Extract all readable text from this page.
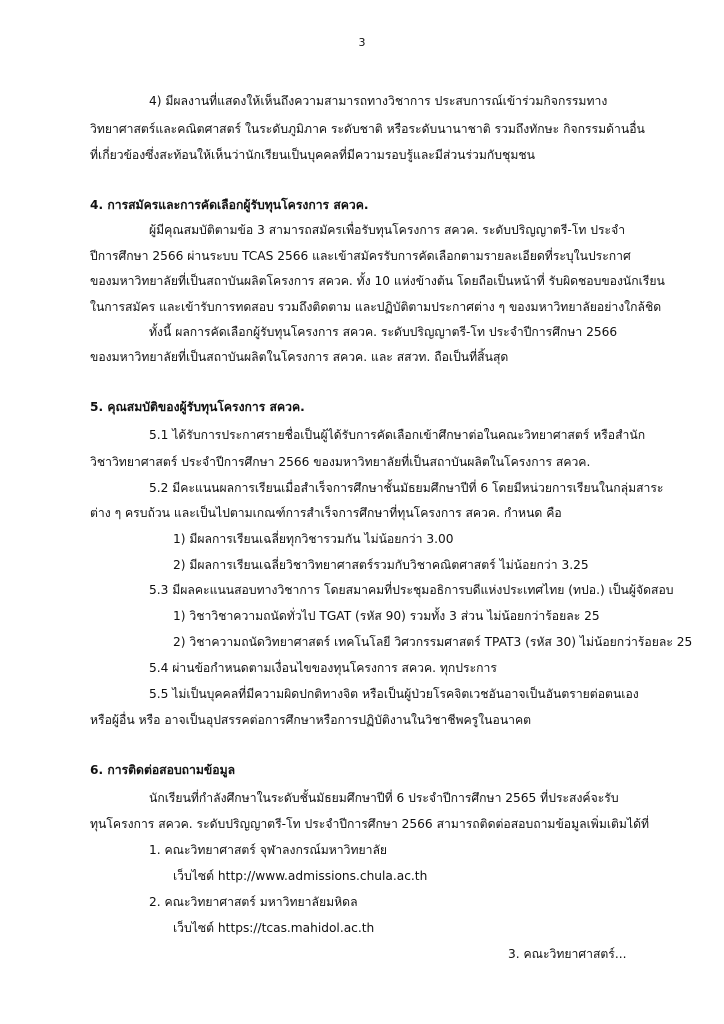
3
4) มีผลงานที่แสดงให้เห็นถึงความสามารถทางวิชาการ ประสบการณ์เข้าร่วมกิจกรรมทาง
วิทยาศาสตร์และคณิตศาสตร์ ในระดับภูมิภาค ระดับชาติ หรือระดับนานาชาติ รวมถึงทักษะ กิจกรรมด้านอื่น
ที่เกี่ยวข้องซึ่งสะท้อนให้เห็นว่านักเรียนเป็นบุคคลที่มีความรอบรู้และมีส่วนร่วมกับชุมชน
4. การสมัครและการคัดเลือกผู้รับทุนโครงการ สควค.
ผู้มีคุณสมบัติตามข้อ 3 สามารถสมัครเพื่อรับทุนโครงการ สควค. ระดับปริญญาตรี-โท ประจำ
ปีการศึกษา 2566 ผ่านระบบ TCAS 2566 และเข้าสมัครรับการคัดเลือกตามรายละเอียดที่ระบุในประกาศ
ของมหาวิทยาลัยที่เป็นสถาบันผลิตโครงการ สควค. ทั้ง 10 แห่งข้างต้น โดยถือเป็นหน้าที่ รับผิดชอบของนักเรียน
ในการสมัคร และเข้ารับการทดสอบ รวมถึงติดตาม และปฏิบัติตามประกาศต่าง ๆ ของมหาวิทยาลัยอย่างใกล้ชิด
ทั้งนี้ ผลการคัดเลือกผู้รับทุนโครงการ สควค. ระดับปริญญาตรี-โท ประจำปีการศึกษา 2566
ของมหาวิทยาลัยที่เป็นสถาบันผลิตในโครงการ สควค. และ สสวท. ถือเป็นที่สิ้นสุด
5. คุณสมบัติของผู้รับทุนโครงการ สควค.
5.1 ได้รับการประกาศรายชื่อเป็นผู้ได้รับการคัดเลือกเข้าศึกษาต่อในคณะวิทยาศาสตร์ หรือสำนัก
วิชาวิทยาศาสตร์ ประจำปีการศึกษา 2566 ของมหาวิทยาลัยที่เป็นสถาบันผลิตในโครงการ สควค.
5.2 มีคะแนนผลการเรียนเมื่อสำเร็จการศึกษาชั้นมัธยมศึกษาปีที่ 6 โดยมีหน่วยการเรียนในกลุ่มสาระ
ต่าง ๆ ครบถ้วน และเป็นไปตามเกณฑ์การสำเร็จการศึกษาที่ทุนโครงการ สควค. กำหนด คือ
1) มีผลการเรียนเฉลี่ยทุกวิชารวมกัน ไม่น้อยกว่า 3.00
2) มีผลการเรียนเฉลี่ยวิชาวิทยาศาสตร์รวมกับวิชาคณิตศาสตร์ ไม่น้อยกว่า 3.25
5.3 มีผลคะแนนสอบทางวิชาการ โดยสมาคมที่ประชุมอธิการบดีแห่งประเทศไทย (ทปอ.) เป็นผู้จัดสอบ
1) วิชาวิชาความถนัดทั่วไป TGAT (รหัส 90) รวมทั้ง 3 ส่วน ไม่น้อยกว่าร้อยละ 25
2) วิชาความถนัดวิทยาศาสตร์ เทคโนโลยี วิศวกรรมศาสตร์ TPAT3 (รหัส 30) ไม่น้อยกว่าร้อยละ 25
5.4 ผ่านข้อกำหนดตามเงื่อนไขของทุนโครงการ สควค. ทุกประการ
5.5 ไม่เป็นบุคคลที่มีความผิดปกติทางจิต หรือเป็นผู้ป่วยโรคจิตเวชอันอาจเป็นอันตรายต่อตนเอง
หรือผู้อื่น หรือ อาจเป็นอุปสรรคต่อการศึกษาหรือการปฏิบัติงานในวิชาชีพครูในอนาคต
6. การติดต่อสอบถามข้อมูล
นักเรียนที่กำลังศึกษาในระดับชั้นมัธยมศึกษาปีที่ 6 ประจำปีการศึกษา 2565 ที่ประสงค์จะรับ
ทุนโครงการ สควค. ระดับปริญญาตรี-โท ประจำปีการศึกษา 2566 สามารถติดต่อสอบถามข้อมูลเพิ่มเติมได้ที่
1. คณะวิทยาศาสตร์ จุฬาลงกรณ์มหาวิทยาลัย
เว็บไซต์ http://www.admissions.chula.ac.th
2. คณะวิทยาศาสตร์ มหาวิทยาลัยมหิดล
เว็บไซต์ https://tcas.mahidol.ac.th
3. คณะวิทยาศาสตร์...
